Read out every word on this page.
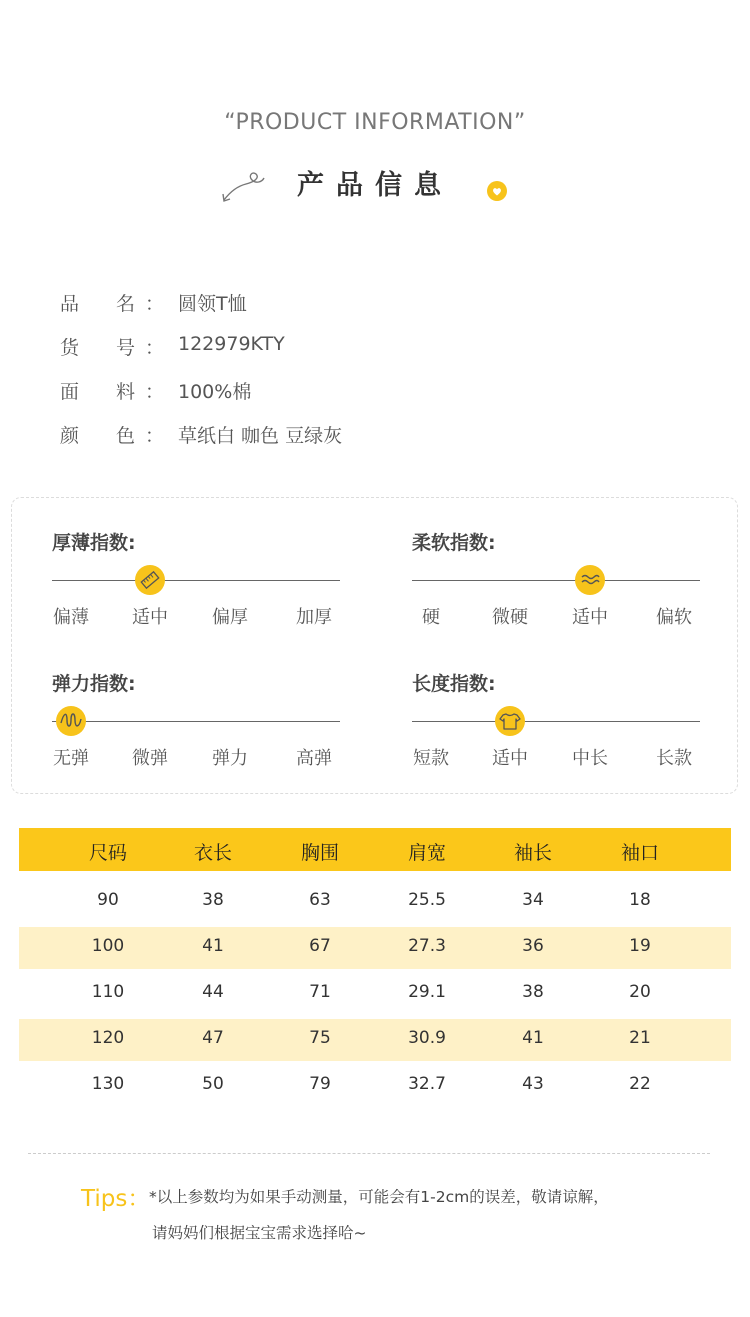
“PRODUCT INFORMATION”
产品信息
品 名 ： 圆领T恤
货 号 ： 122979KTY
面 料 ： 100%棉
颜 色 ： 草纸白 咖色 豆绿灰
厚薄指数:
偏薄	适中	偏厚	加厚
柔软指数:
硬	微硬	适中	偏软
弹力指数:
无弹	微弹	弹力	高弹
长度指数:
短款	适中	中长	长款
尺码	衣长	胸围	肩宽	袖长	袖口
90	38	63	25.5	34	18
100	41	67	27.3	36	19
110	44	71	29.1	38	20
120	47	75	30.9	41	21
130	50	79	32.7	43	22
Tips：
*以上参数均为如果手动测量，可能会有1-2cm的误差，敬请谅解，
请妈妈们根据宝宝需求选择哈~
